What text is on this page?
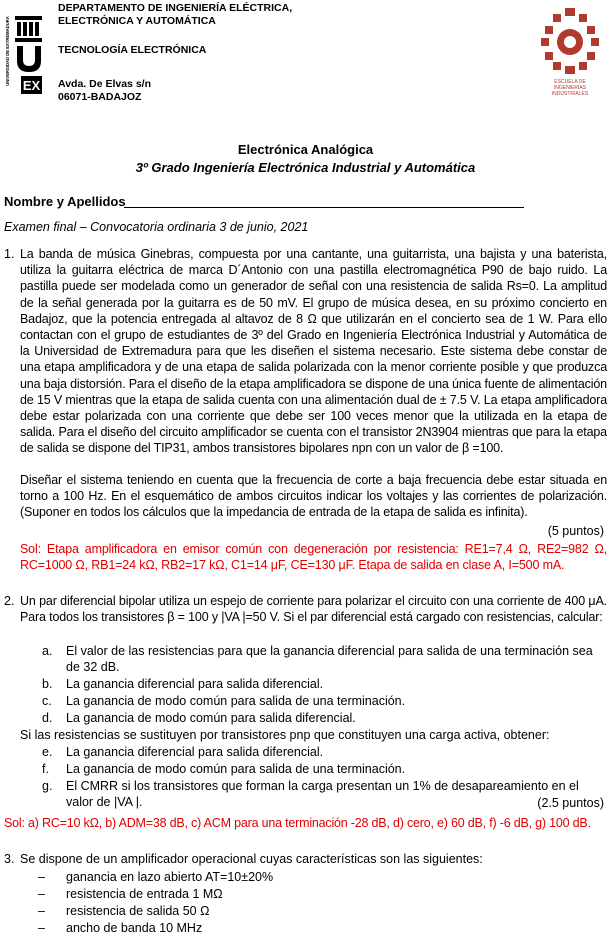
UNIVERSIDAD DE EXTREMADURA EX
DEPARTAMENTO DE INGENIERÍA ELÉCTRICA,
ELECTRÓNICA Y AUTOMÁTICA
TECNOLOGÍA ELECTRÓNICA
Avda. De Elvas s/n
06071-BADAJOZ
ESCUELA DE
INGENIERÍAS
INDUSTRIALES
Electrónica Analógica
3º Grado Ingeniería Electrónica Industrial y Automática
Nombre y Apellidos
Examen final – Convocatoria ordinaria 3 de junio, 2021
1. La banda de música Ginebras, compuesta por una cantante, una guitarrista, una bajista y una baterista, utiliza la guitarra eléctrica de marca D´Antonio con una pastilla electromagnética P90 de bajo ruido. La pastilla puede ser modelada como un generador de señal con una resistencia de salida Rs=0. La amplitud de la señal generada por la guitarra es de 50 mV. El grupo de música desea, en su próximo concierto en Badajoz, que la potencia entregada al altavoz de 8 Ω que utilizarán en el concierto sea de 1 W. Para ello contactan con el grupo de estudiantes de 3º del Grado en Ingeniería Electrónica Industrial y Automática de la Universidad de Extremadura para que les diseñen el sistema necesario. Este sistema debe constar de una etapa amplificadora y de una etapa de salida polarizada con la menor corriente posible y que produzca una baja distorsión. Para el diseño de la etapa amplificadora se dispone de una única fuente de alimentación de 15 V mientras que la etapa de salida cuenta con una alimentación dual de ± 7.5 V. La etapa amplificadora debe estar polarizada con una corriente que debe ser 100 veces menor que la utilizada en la etapa de salida. Para el diseño del circuito amplificador se cuenta con el transistor 2N3904 mientras que para la etapa de salida se dispone del TIP31, ambos transistores bipolares npn con un valor de β =100.
Diseñar el sistema teniendo en cuenta que la frecuencia de corte a baja frecuencia debe estar situada en torno a 100 Hz. En el esquemático de ambos circuitos indicar los voltajes y las corrientes de polarización. (Suponer en todos los cálculos que la impedancia de entrada de la etapa de salida es infinita).
(5 puntos)
Sol: Etapa amplificadora en emisor común con degeneración por resistencia: RE1=7,4 Ω, RE2=982 Ω, RC=1000 Ω, RB1=24 kΩ, RB2=17 kΩ, C1=14 μF, CE=130 μF. Etapa de salida en clase A, I=500 mA.
2. Un par diferencial bipolar utiliza un espejo de corriente para polarizar el circuito con una corriente de 400 μA. Para todos los transistores β = 100 y |VA |=50 V. Si el par diferencial está cargado con resistencias, calcular:
a. El valor de las resistencias para que la ganancia diferencial para salida de una terminación sea de 32 dB.
b. La ganancia diferencial para salida diferencial.
c. La ganancia de modo común para salida de una terminación.
d. La ganancia de modo común para salida diferencial.
Si las resistencias se sustituyen por transistores pnp que constituyen una carga activa, obtener:
e. La ganancia diferencial para salida diferencial.
f. La ganancia de modo común para salida de una terminación.
g. El CMRR si los transistores que forman la carga presentan un 1% de desapareamiento en el valor de |VA |.	(2.5 puntos)
Sol: a) RC=10 kΩ, b) ADM=38 dB, c) ACM para una terminación -28 dB, d) cero, e) 60 dB, f) -6 dB, g) 100 dB.
3. Se dispone de un amplificador operacional cuyas características son las siguientes:
– ganancia en lazo abierto AT=10±20%
– resistencia de entrada 1 MΩ
– resistencia de salida 50 Ω
– ancho de banda 10 MHz
